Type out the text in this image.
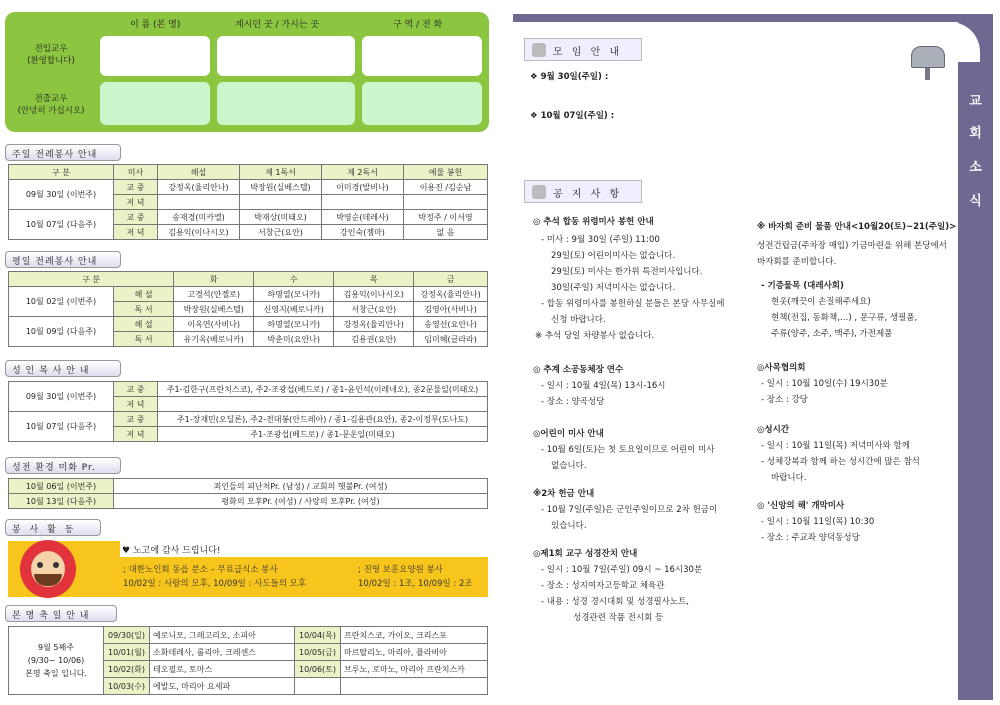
이 름 (본 명)	계시던 곳 / 가시는 곳	구 역 / 전 화
전입교우
(환영합니다)
전출교우
(안녕히 가십시오)
주일 전례봉사 안내
구 분	미사	해설	제 1독서	제 2독서	예물 봉헌
09월 30일 (이번주)	교 중	강정옥(율리안나)	박장원(실베스텔)	이미경(발비나)	이용진 /김순남
	저 녁				
10월 07일 (다음주)	교 중	송재경(미카엘)	박재상(미태오)	박영순(데레사)	박정주 / 이서영
	저 녁	김용익(이나시오)	서창근(요안)	강인숙(젬마)	없 음
평일 전례봉사 안내
구 분		화	수	목	금
10월 02일 (이번주)	해 설	고경석(안젤로)	하명열(모니카)	김용익(이나시오)	강정옥(율리안나)
	독 서	박장원(실베스텔)	신영지(베로니카)	서창근(요안)	김영아(사비나)
10월 09일 (다음주)	해 설	이옥연(사비나)	하명열(모니카)	강정옥(율리안나)	송영선(요안나)
	독 서	유기옥(베로니카)	박춘미(요안나)	김용권(요안)	임미혜(글라라)
성 인 복 사 안 내
09월 30일 (이번주)	교 중	주1-김한구(프란치스코), 주2-조광섭(베드로) / 종1-윤인석(이레네오), 종2문물일(미태오)
	저 녁	
10월 07일 (다음주)	교 중	주1-장재민(오딜론), 주2-전대봉(안드레아) / 종1-김용관(요안), 종2-이정무(도나도)
	저 녁	주1-조광섭(베드로) / 종1-문운일(미태오)
성전 환경 미화 Pr.
10월 06일 (이번주)	죄인들의 피난처Pr. (남성) / 교회의 햇불Pr. (여성)
10월 13일 (다음주)	평화의 모후Pr. (여성) / 사랑의 모후Pr. (여성)
봉 사 활 동
♥ 노고에 감사 드립니다!
; 대한노인회 동읍 분소 – 무료급식소 봉사
10/02일 : 사랑의 모후, 10/09일 : 사도들의 모후
; 진영 보훈요양원 봉사
10/02일 : 1조, 10/09일 : 2조
본 명 축 일 안 내
9월 5째주
(9/30~ 10/06)
본명 축일 입니다.	09/30(일)	예로니모, 그레고리오, 소피아	10/04(목)	프란치스코, 가이오, 크리스포
	10/01(월)	소화데레사, 롤리아, 크레센스	10/05(금)	마르탈리노, 마리아, 플라비아
	10/02(화)	테오필로, 토마스	10/06(토)	브루노, 로마노, 마리아 프란치스카
	10/03(수)	에발도, 마리아 요세파		
교
회
소
식
모 임 안 내
❖ 9월 30일(주일) :
❖ 10월 07일(주일) :
공 지 사 항
◎ 추석 합동 위령미사 봉헌 안내
- 미사 : 9월 30일 (주일) 11:00
29일(토) 어린이미사는 없습니다.
29일(토) 미사는 한가위 특전미사입니다.
30일(주일) 저녁미사는 없습니다.
- 합동 위령미사를 봉헌하실 분들은 본당 사무실에
신청 바랍니다.
※ 추석 당일 차량봉사 없습니다.
◎ 추계 소공동체장 연수
- 일시 : 10월 4일(목) 13시-16시
- 장소 : 양곡성당
◎어린이 미사 안내
- 10월 6일(토)는 첫 토요일이므로 어린이 미사
없습니다.
※2차 헌금 안내
- 10월 7일(주일)은 군인주일이므로 2차 헌금이
있습니다.
◎제1회 교구 성경잔치 안내
- 일시 : 10월 7일(주일) 09시 ~ 16시30분
- 장소 : 성지여자고등학교 체육관
- 내용 : 성경 경시대회 및 성경필사노트,
성경관련 작품 전시회 등
※ 바자회 준비 물품 안내<10월20(토)~21(주일)>
성전건립금(주차장 매입) 기금마련을 위해 본당에서
바자회를 준비합니다.
- 기증물목 (대레사회)
현옷(깨끗이 손질해주세요)
현책(전집, 동화책,…) , 문구류, 생필품,
주류(양주, 소주, 맥주), 가전제품
◎사목협의회
- 일시 : 10월 10일(수) 19시30분
- 장소 : 강당
◎성시간
- 일시 : 10월 11일(목) 저녁미사와 함께
- 성체강복과 함께 하는 성시간에 많은 참석
바랍니다.
◎ '신앙의 해' 개막미사
- 일시 : 10월 11일(목) 10:30
- 장소 : 주교좌 양덕동성당
